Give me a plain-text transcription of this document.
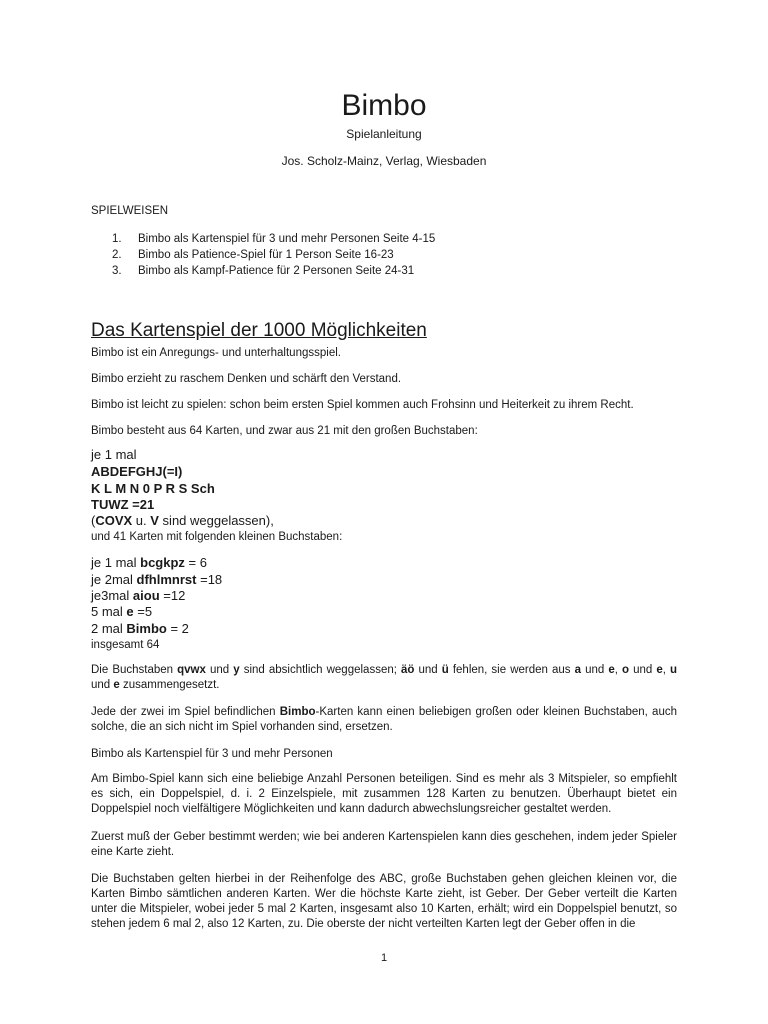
Bimbo
Spielanleitung
Jos. Scholz-Mainz, Verlag, Wiesbaden
SPIELWEISEN
1. Bimbo als Kartenspiel für 3 und mehr Personen Seite 4-15
2. Bimbo als Patience-Spiel für 1 Person Seite 16-23
3. Bimbo als Kampf-Patience für 2 Personen Seite 24-31
Das Kartenspiel der 1000 Möglichkeiten

Bimbo ist ein Anregungs- und unterhaltungsspiel.

Bimbo erzieht zu raschem Denken und schärft den Verstand.

Bimbo ist leicht zu spielen: schon beim ersten Spiel kommen auch Frohsinn und Heiterkeit zu ihrem Recht.

Bimbo besteht aus 64 Karten, und zwar aus 21 mit den großen Buchstaben:

je 1 mal

ABDEFGHJ(=I)

K L M N 0 P R S Sch

TUWZ =21

(COVX u. V sind weggelassen),

und 41 Karten mit folgenden kleinen Buchstaben:

je 1 mal bcgkpz = 6

je 2mal dfhlmnrst =18

je3mal aiou =12

5 mal e =5

2 mal Bimbo = 2

insgesamt 64

Die Buchstaben qvwx und y sind absichtlich weggelassen; äö und ü fehlen, sie werden aus a und e, o und e, u und e zusammengesetzt.

Jede der zwei im Spiel befindlichen Bimbo-Karten kann einen beliebigen großen oder kleinen Buchstaben, auch solche, die an sich nicht im Spiel vorhanden sind, ersetzen.

Bimbo als Kartenspiel für 3 und mehr Personen

Am Bimbo-Spiel kann sich eine beliebige Anzahl Personen beteiligen. Sind es mehr als 3 Mitspieler, so empfiehlt es sich, ein Doppelspiel, d. i. 2 Einzelspiele, mit zusammen 128 Karten zu benutzen. Überhaupt bietet ein Doppelspiel noch vielfältigere Möglichkeiten und kann dadurch abwechslungsreicher gestaltet werden.

Zuerst muß der Geber bestimmt werden; wie bei anderen Kartenspielen kann dies geschehen, indem jeder Spieler eine Karte zieht.

Die Buchstaben gelten hierbei in der Reihenfolge des ABC, große Buchstaben gehen gleichen kleinen vor, die Karten Bimbo sämtlichen anderen Karten. Wer die höchste Karte zieht, ist Geber. Der Geber verteilt die Karten unter die Mitspieler, wobei jeder 5 mal 2 Karten, insgesamt also 10 Karten, erhält; wird ein Doppelspiel benutzt, so stehen jedem 6 mal 2, also 12 Karten, zu. Die oberste der nicht verteilten Karten legt der Geber offen in die

1
